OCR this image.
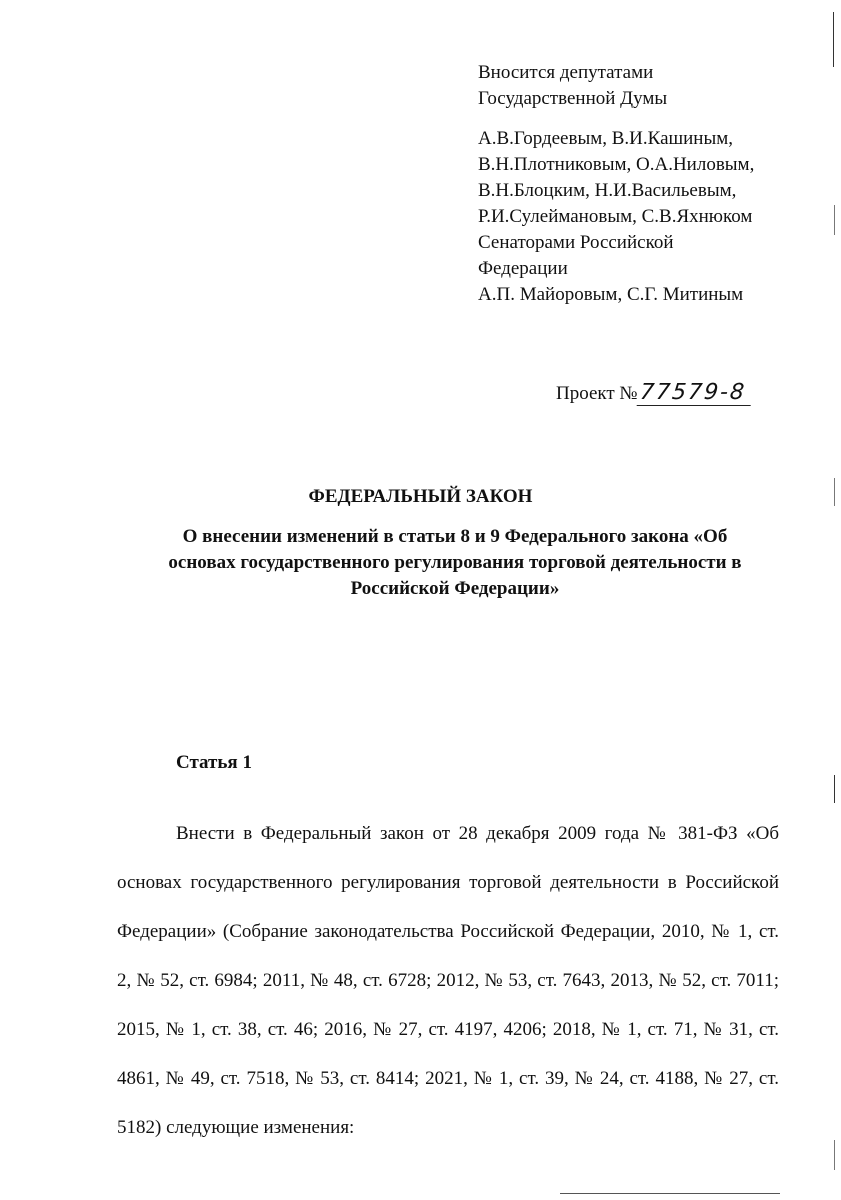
Вносится депутатами

Государственной Думы

А.В.Гордеевым, В.И.Кашиным,

В.Н.Плотниковым, О.А.Ниловым,

В.Н.Блоцким, Н.И.Васильевым,

Р.И.Сулеймановым, С.В.Яхнюком

Сенаторами Российской

Федерации

А.П. Майоровым, С.Г. Митиным

Проект №77579-8
ФЕДЕРАЛЬНЫЙ ЗАКОН

О внесении изменений в статьи 8 и 9 Федерального закона «Об основах государственного регулирования торговой деятельности в Российской Федерации»

Статья 1

Внести в Федеральный закон от 28 декабря 2009 года № 381-ФЗ «Об основах государственного регулирования торговой деятельности в Российской Федерации» (Собрание законодательства Российской Федерации, 2010, № 1, ст. 2, № 52, ст. 6984; 2011, № 48, ст. 6728; 2012, № 53, ст. 7643, 2013, № 52, ст. 7011; 2015, № 1, ст. 38, ст. 46; 2016, № 27, ст. 4197, 4206; 2018, № 1, ст. 71, № 31, ст. 4861, № 49, ст. 7518, № 53, ст. 8414; 2021, № 1, ст. 39, № 24, ст. 4188, № 27, ст. 5182) следующие изменения:
